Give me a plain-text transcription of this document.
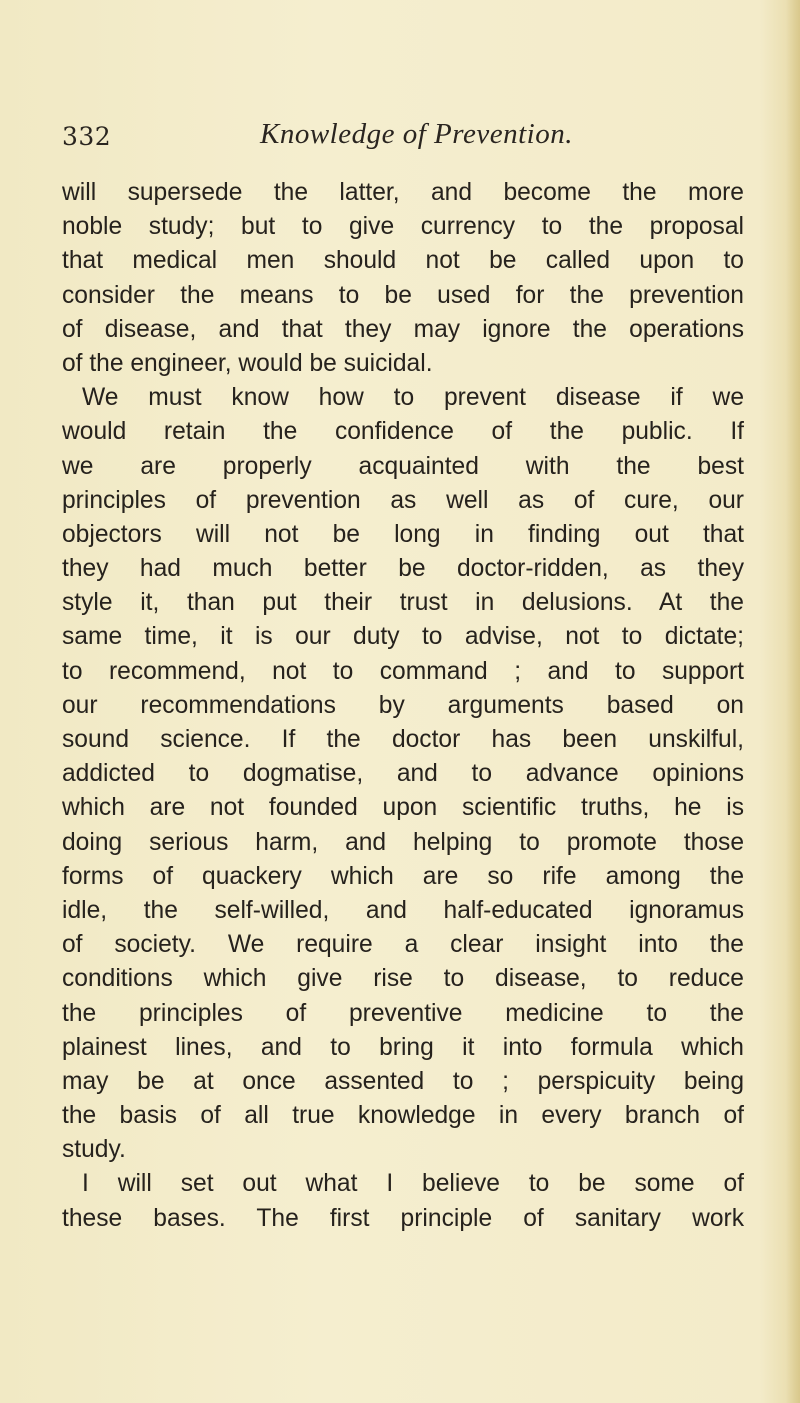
332	Knowledge of Prevention.
will supersede the latter, and become the more
noble study; but to give currency to the proposal
that medical men should not be called upon to
consider the means to be used for the prevention
of disease, and that they may ignore the operations
of the engineer, would be suicidal.
We must know how to prevent disease if we
would retain the confidence of the public. If
we are properly acquainted with the best
principles of prevention as well as of cure, our
objectors will not be long in finding out that
they had much better be doctor-ridden, as they
style it, than put their trust in delusions. At the
same time, it is our duty to advise, not to dictate;
to recommend, not to command ; and to support
our recommendations by arguments based on
sound science. If the doctor has been unskilful,
addicted to dogmatise, and to advance opinions
which are not founded upon scientific truths, he is
doing serious harm, and helping to promote those
forms of quackery which are so rife among the
idle, the self-willed, and half-educated ignoramus
of society. We require a clear insight into the
conditions which give rise to disease, to reduce
the principles of preventive medicine to the
plainest lines, and to bring it into formula which
may be at once assented to ; perspicuity being
the basis of all true knowledge in every branch of
study.
I will set out what I believe to be some of
these bases. The first principle of sanitary work
